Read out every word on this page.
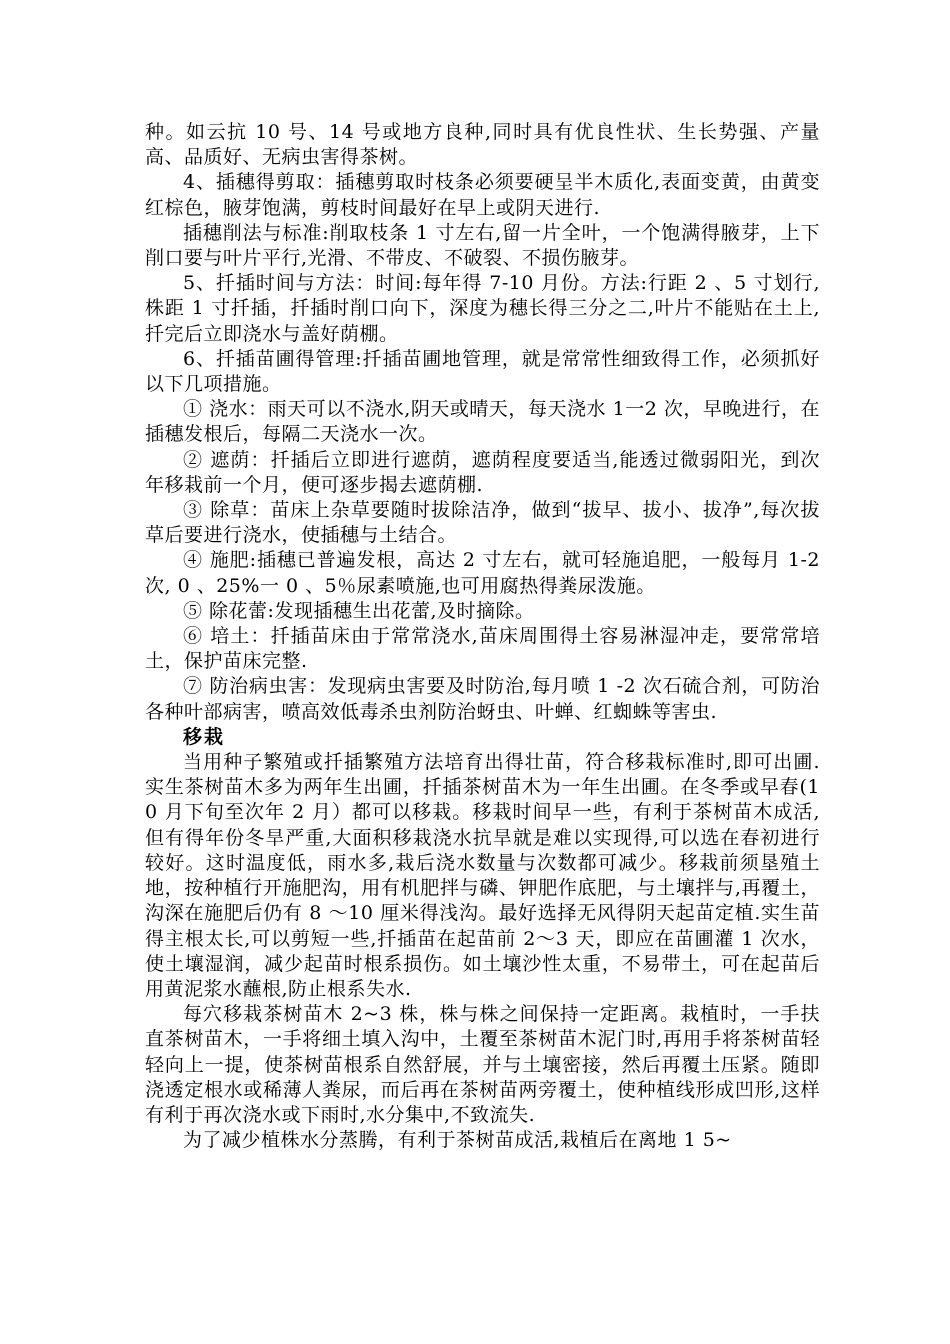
种。如云抗 10 号、14 号或地方良种,同时具有优良性状、生长势强、产量高、品质好、无病虫害得茶树。

4、插穗得剪取：插穗剪取时枝条必须要硬呈半木质化,表面变黄，由黄变红棕色，腋芽饱满，剪枝时间最好在早上或阴天进行.

插穗削法与标准:削取枝条 1 寸左右,留一片全叶，一个饱满得腋芽，上下削口要与叶片平行,光滑、不带皮、不破裂、不损伤腋芽。

5、扦插时间与方法：时间:每年得 7-10 月份。方法:行距 2 、5 寸划行,株距 1 寸扦插，扦插时削口向下，深度为穗长得三分之二,叶片不能贴在土上,扦完后立即浇水与盖好荫棚。

6、扦插苗圃得管理:扦插苗圃地管理，就是常常性细致得工作，必须抓好以下几项措施。

① 浇水：雨天可以不浇水,阴天或晴天，每天浇水 1一2 次，早晚进行，在插穗发根后，每隔二天浇水一次。

② 遮荫：扦插后立即进行遮荫，遮荫程度要适当,能透过微弱阳光，到次年移栽前一个月，便可逐步揭去遮荫棚.

③ 除草：苗床上杂草要随时拔除洁净，做到“拔早、拔小、拔净”,每次拔草后要进行浇水，使插穗与土结合。

④ 施肥:插穗已普遍发根，高达 2 寸左右，就可轻施追肥，一般每月 1-2 次, 0 、25%一 0 、5％尿素喷施,也可用腐热得粪尿泼施。

⑤ 除花蕾:发现插穗生出花蕾,及时摘除。

⑥ 培土：扦插苗床由于常常浇水,苗床周围得土容易淋湿冲走，要常常培土，保护苗床完整.

⑦ 防治病虫害：发现病虫害要及时防治,每月喷 1 -2 次石硫合剂，可防治各种叶部病害，喷高效低毒杀虫剂防治蚜虫、叶蝉、红蜘蛛等害虫.

移栽

当用种子繁殖或扦插繁殖方法培育出得壮苗，符合移栽标准时,即可出圃.实生茶树苗木多为两年生出圃，扦插茶树苗木为一年生出圃。在冬季或早春(10 月下旬至次年 2 月）都可以移栽。移栽时间早一些，有利于茶树苗木成活,但有得年份冬旱严重,大面积移栽浇水抗旱就是难以实现得,可以选在春初进行较好。这时温度低，雨水多,栽后浇水数量与次数都可减少。移栽前须垦殖土地，按种植行开施肥沟，用有机肥拌与磷、钾肥作底肥，与土壤拌与,再覆土，沟深在施肥后仍有 8 ～10 厘米得浅沟。最好选择无风得阴天起苗定植.实生苗得主根太长,可以剪短一些,扦插苗在起苗前 2～3 天，即应在苗圃灌 1 次水，使土壤湿润，减少起苗时根系损伤。如土壤沙性太重，不易带土，可在起苗后用黄泥浆水蘸根,防止根系失水.

每穴移栽茶树苗木 2~3 株，株与株之间保持一定距离。栽植时，一手扶直茶树苗木，一手将细土填入沟中，土覆至茶树苗木泥门时,再用手将茶树苗轻轻向上一提，使茶树苗根系自然舒展，并与土壤密接，然后再覆土压紧。随即浇透定根水或稀薄人粪尿，而后再在茶树苗两旁覆土，使种植线形成凹形,这样有利于再次浇水或下雨时,水分集中,不致流失.

为了减少植株水分蒸腾，有利于茶树苗成活,栽植后在离地 1 5~
